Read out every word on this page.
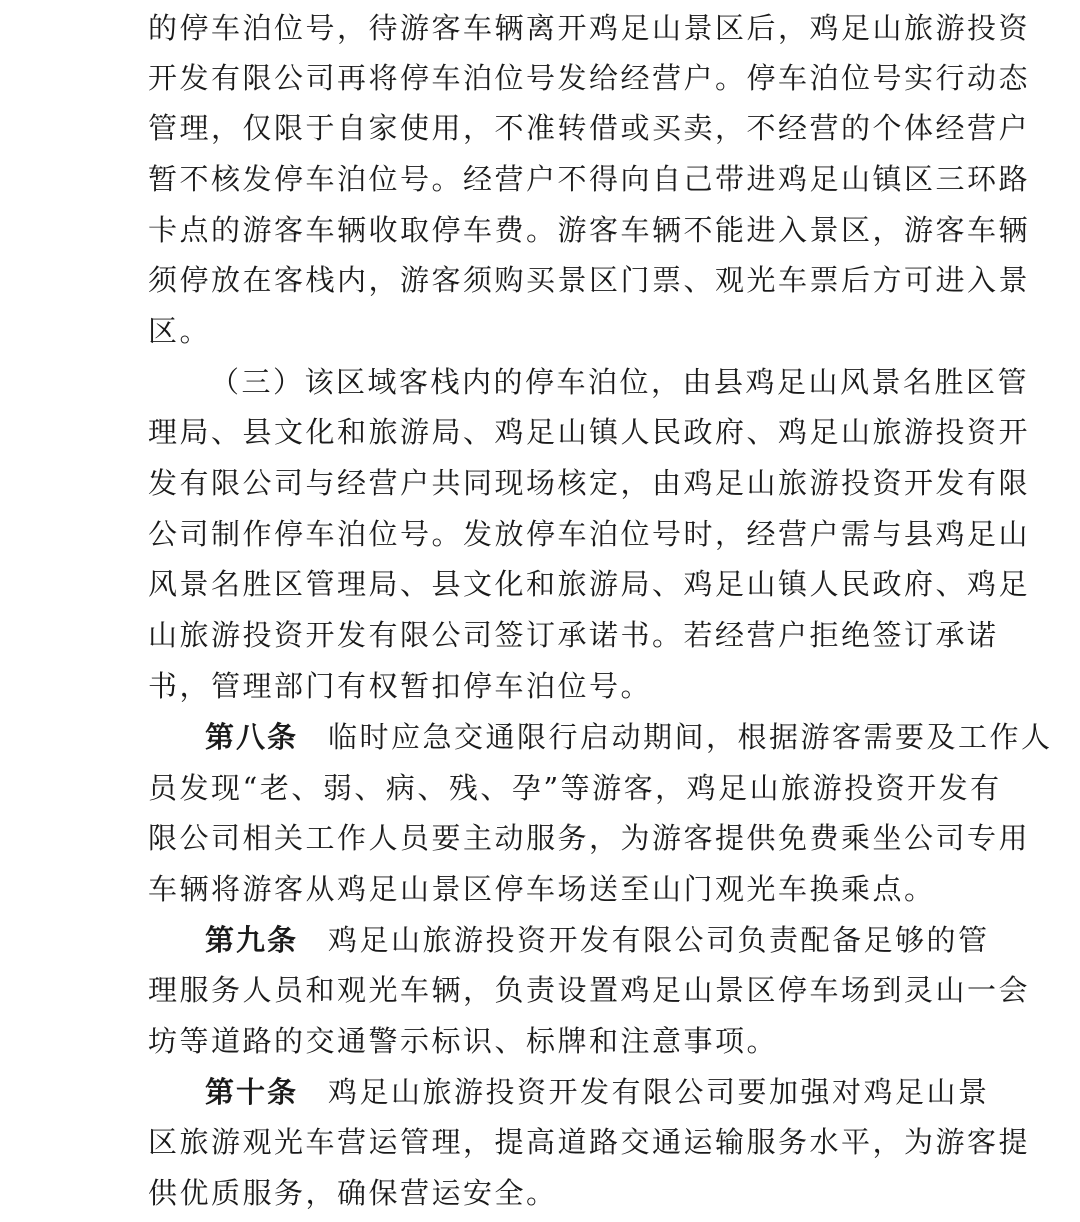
的停车泊位号，待游客车辆离开鸡足山景区后，鸡足山旅游投资
开发有限公司再将停车泊位号发给经营户。停车泊位号实行动态
管理，仅限于自家使用，不准转借或买卖，不经营的个体经营户
暂不核发停车泊位号。经营户不得向自己带进鸡足山镇区三环路
卡点的游客车辆收取停车费。游客车辆不能进入景区，游客车辆
须停放在客栈内，游客须购买景区门票、观光车票后方可进入景
区。
（三）该区域客栈内的停车泊位，由县鸡足山风景名胜区管
理局、县文化和旅游局、鸡足山镇人民政府、鸡足山旅游投资开
发有限公司与经营户共同现场核定，由鸡足山旅游投资开发有限
公司制作停车泊位号。发放停车泊位号时，经营户需与县鸡足山
风景名胜区管理局、县文化和旅游局、鸡足山镇人民政府、鸡足
山旅游投资开发有限公司签订承诺书。若经营户拒绝签订承诺
书，管理部门有权暂扣停车泊位号。
第八条 临时应急交通限行启动期间，根据游客需要及工作人
员发现“老、弱、病、残、孕”等游客，鸡足山旅游投资开发有
限公司相关工作人员要主动服务，为游客提供免费乘坐公司专用
车辆将游客从鸡足山景区停车场送至山门观光车换乘点。
第九条 鸡足山旅游投资开发有限公司负责配备足够的管
理服务人员和观光车辆，负责设置鸡足山景区停车场到灵山一会
坊等道路的交通警示标识、标牌和注意事项。
第十条 鸡足山旅游投资开发有限公司要加强对鸡足山景
区旅游观光车营运管理，提高道路交通运输服务水平，为游客提
供优质服务，确保营运安全。
